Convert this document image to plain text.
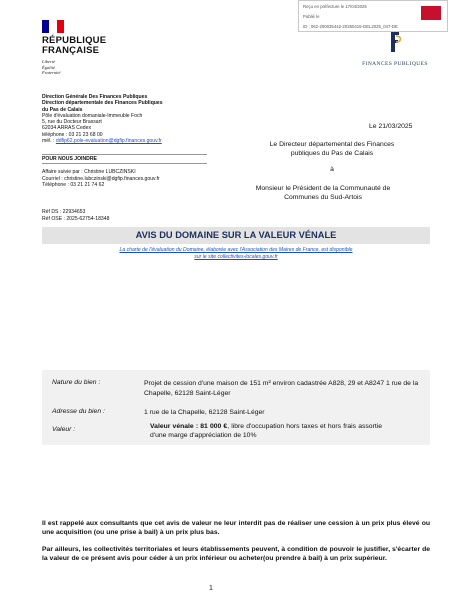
Reçu en préfecture le 17/04/2025
Publié le
ID : 062-200035442-20250415-DEL2025_047-DE
RÉPUBLIQUE
FRANÇAISE
Liberté
Égalité
Fraternité
FINANCES PUBLIQUES
Direction Générale Des Finances Publiques
Direction départementale des Finances Publiques
du Pas de Calais
Pôle d'évaluation domaniale-Immeuble Foch
5, rue du Docteur Brassart
62034 ARRAS Cedex
téléphone : 03 21 23 68 00
mél. : ddfip62.pole-evaluation@dgfip.finances.gouv.fr
POUR NOUS JOINDRE
Affaire suivie par : Christine LUBCZINSKI
Courriel : christine.lubczinski@dgfip.finances.gouv.fr
Téléphone : 03 21 21 74 62
Réf DS : 22934653
Réf OSE : 2025-62754-18348
Le 21/03/2025
Le Directeur départemental des Finances
publiques du Pas de Calais
à
Monsieur le Président de la Communauté de
Communes du Sud-Artois
AVIS DU DOMAINE SUR LA VALEUR VÉNALE
La charte de l'évaluation du Domaine, élaborée avec l'Association des Maires de France, est disponible
sur le site collectivites-locales.gouv.fr
Nature du bien :	Projet de cession d'une maison de 151 m² environ cadastrée A828, 29 et A8247 1 rue de la Chapelle, 62128 Saint-Léger
Adresse du bien :	1 rue de la Chapelle, 62128 Saint-Léger
Valeur :	Valeur vénale : 81 000 €, libre d'occupation hors taxes et hors frais assortie d'une marge d'appréciation de 10%
Il est rappelé aux consultants que cet avis de valeur ne leur interdit pas de réaliser une cession à un prix plus élevé ou une acquisition (ou une prise à bail) à un prix plus bas.
Par ailleurs, les collectivités territoriales et leurs établissements peuvent, à condition de pouvoir le justifier, s'écarter de la valeur de ce présent avis pour céder à un prix inférieur ou acheter(ou prendre à bail) à un prix supérieur.
1
